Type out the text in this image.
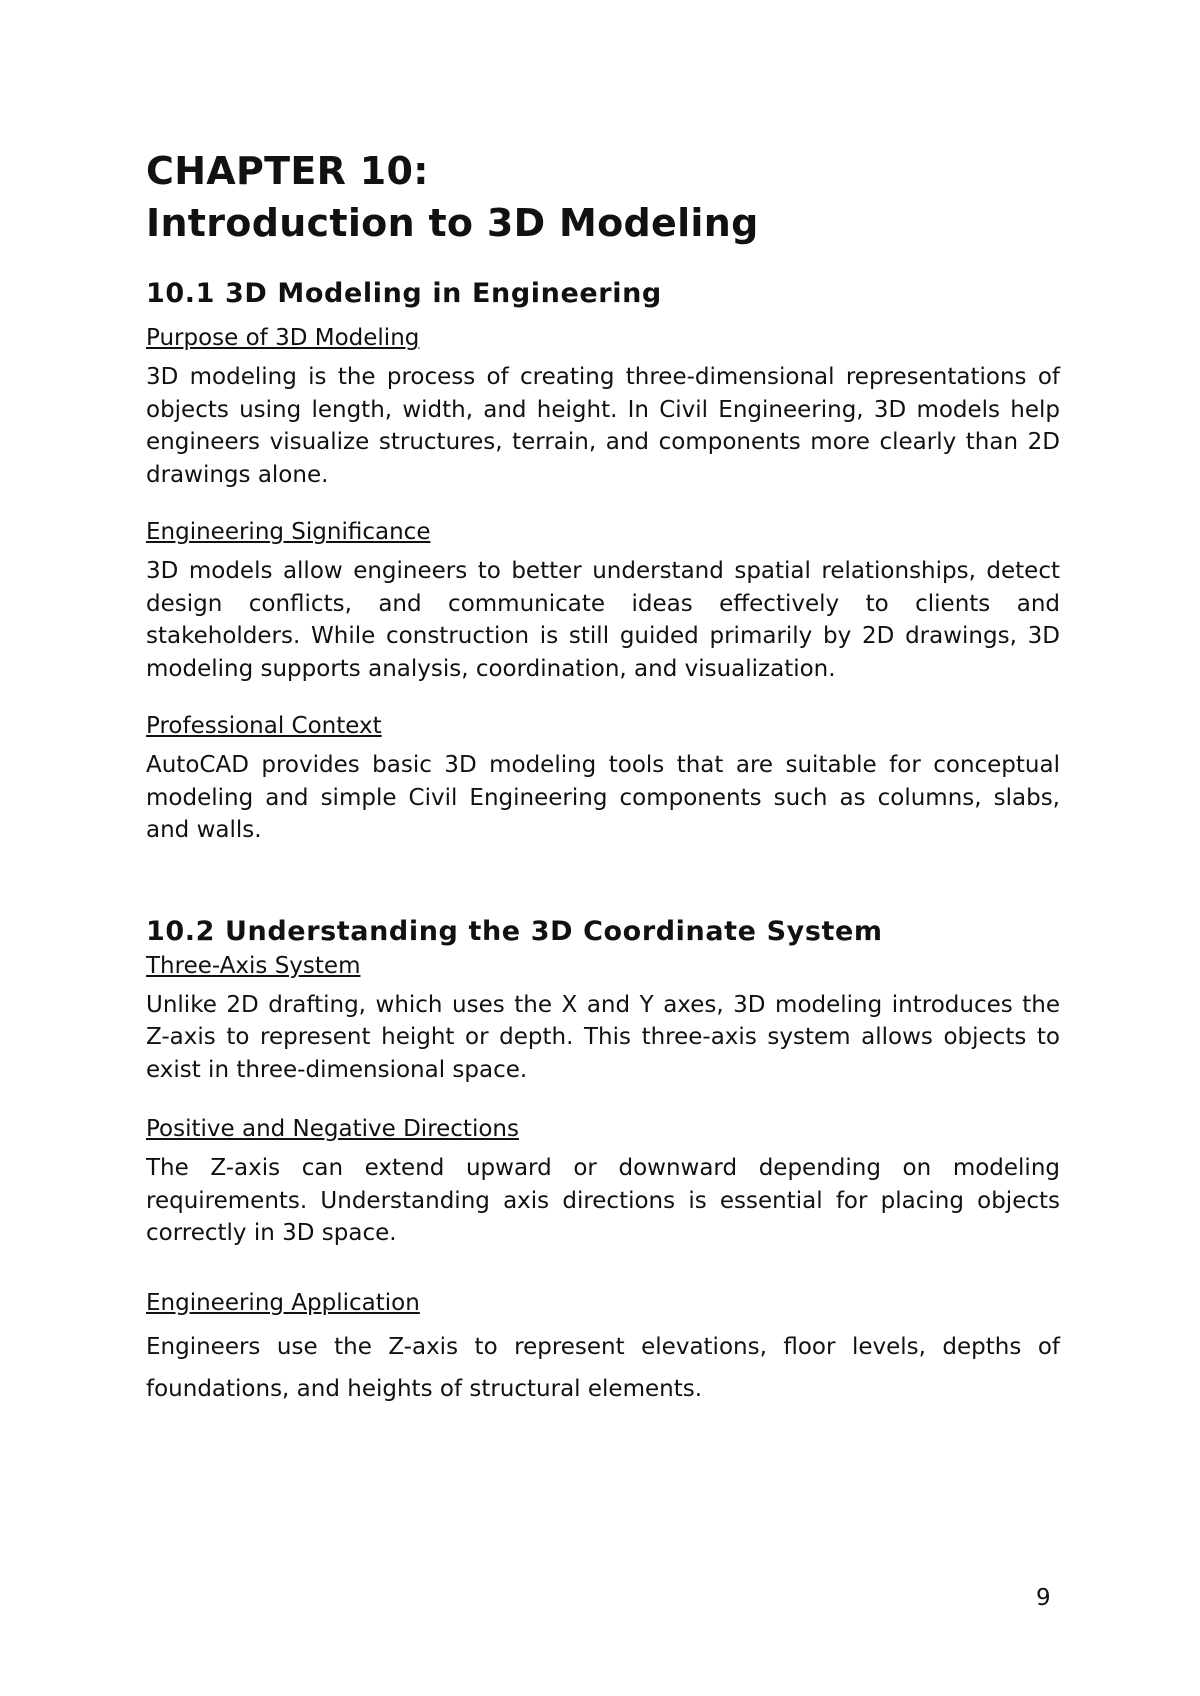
CHAPTER 10:
Introduction to 3D Modeling
10.1 3D Modeling in Engineering
Purpose of 3D Modeling

3D modeling is the process of creating three-dimensional representations of objects using length, width, and height. In Civil Engineering, 3D models help engineers visualize structures, terrain, and components more clearly than 2D drawings alone.

Engineering Significance

3D models allow engineers to better understand spatial relationships, detect design conflicts, and communicate ideas effectively to clients and stakeholders. While construction is still guided primarily by 2D drawings, 3D modeling supports analysis, coordination, and visualization.

Professional Context

AutoCAD provides basic 3D modeling tools that are suitable for conceptual modeling and simple Civil Engineering components such as columns, slabs, and walls.

10.2 Understanding the 3D Coordinate System
Three-Axis System

Unlike 2D drafting, which uses the X and Y axes, 3D modeling introduces the Z-axis to represent height or depth. This three-axis system allows objects to exist in three-dimensional space.

Positive and Negative Directions

The Z-axis can extend upward or downward depending on modeling requirements. Understanding axis directions is essential for placing objects correctly in 3D space.

Engineering Application

Engineers use the Z-axis to represent elevations, floor levels, depths of foundations, and heights of structural elements.

9
